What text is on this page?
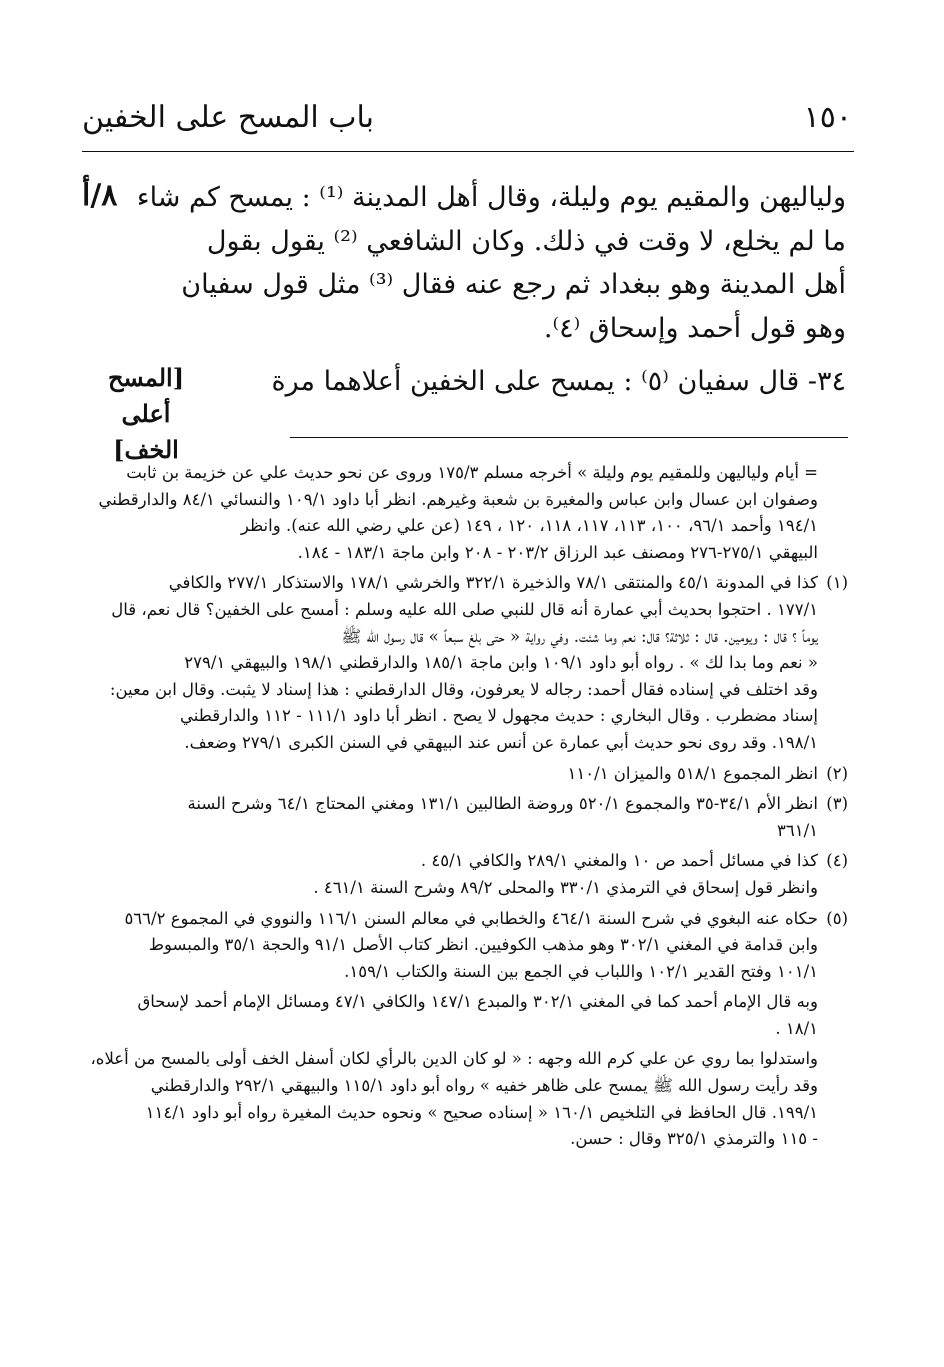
١٥٠
باب المسح على الخفين
٨/أ ولياليهن والمقيم يوم وليلة، وقال أهل المدينة ⁽¹⁾ : يمسح كم شاء
ما لم يخلع، لا وقت في ذلك. وكان الشافعي ⁽²⁾ يقول بقول
أهل المدينة وهو ببغداد ثم رجع عنه فقال ⁽³⁾ مثل قول سفيان
وهو قول أحمد وإسحاق ⁽٤⁾.
٣٤- قال سفيان ⁽٥⁾ : يمسح على الخفين أعلاهما مرة
[المسح أعلى
الخف]
= أيام ولياليهن وللمقيم يوم وليلة » أخرجه مسلم ١٧٥/٣ وروى عن نحو حديث علي عن خزيمة بن ثابت
وصفوان ابن عسال وابن عباس والمغيرة بن شعبة وغيرهم. انظر أبا داود ١٠٩/١ والنسائي ٨٤/١ والدارقطني
١٩٤/١ وأحمد ٩٦/١، ١٠٠، ١١٣، ١١٧، ١١٨، ١٢٠ ، ١٤٩ (عن علي رضي الله عنه). وانظر
البيهقي ٢٧٥/١-٢٧٦ ومصنف عبد الرزاق ٢٠٣/٢ - ٢٠٨ وابن ماجة ١٨٣/١ - ١٨٤.
(١)
كذا في المدونة ٤٥/١ والمنتقى ٧٨/١ والذخيرة ٣٢٢/١ والخرشي ١٧٨/١ والاستذكار ٢٧٧/١ والكافي
١٧٧/١ . احتجوا بحديث أبي عمارة أنه قال للنبي صلى الله عليه وسلم : أمسح على الخفين؟ قال نعم، قال
يوماً ؟ قال : ويومين. قال : ثلاثة؟ قال: نعم وما شئت. وفي رواية « حتى بلغ سبعاً » قال رسول الله ﷺ
« نعم وما بدا لك » . رواه أبو داود ١٠٩/١ وابن ماجة ١٨٥/١ والدارقطني ١٩٨/١ والبيهقي ٢٧٩/١
وقد اختلف في إسناده فقال أحمد: رجاله لا يعرفون، وقال الدارقطني : هذا إسناد لا يثبت. وقال ابن معين:
إسناد مضطرب . وقال البخاري : حديث مجهول لا يصح . انظر أبا داود ١١١/١ - ١١٢ والدارقطني
١٩٨/١. وقد روى نحو حديث أبي عمارة عن أنس عند البيهقي في السنن الكبرى ٢٧٩/١ وضعف.
(٢)
انظر المجموع ٥١٨/١ والميزان ١١٠/١
(٣)
انظر الأم ٣٤/١-٣٥ والمجموع ٥٢٠/١ وروضة الطالبين ١٣١/١ ومغني المحتاج ٦٤/١ وشرح السنة
٣٦١/١
(٤)
كذا في مسائل أحمد ص ١٠ والمغني ٢٨٩/١ والكافي ٤٥/١ .
وانظر قول إسحاق في الترمذي ٣٣٠/١ والمحلى ٨٩/٢ وشرح السنة ٤٦١/١ .
(٥)
حكاه عنه البغوي في شرح السنة ٤٦٤/١ والخطابي في معالم السنن ١١٦/١ والنووي في المجموع ٥٦٦/٢
وابن قدامة في المغني ٣٠٢/١ وهو مذهب الكوفيين. انظر كتاب الأصل ٩١/١ والحجة ٣٥/١ والمبسوط
١٠١/١ وفتح القدير ١٠٢/١ واللباب في الجمع بين السنة والكتاب ١٥٩/١.
وبه قال الإمام أحمد كما في المغني ٣٠٢/١ والمبدع ١٤٧/١ والكافي ٤٧/١ ومسائل الإمام أحمد لإسحاق
١٨/١ .
واستدلوا بما روي عن علي كرم الله وجهه : « لو كان الدين بالرأي لكان أسفل الخف أولى بالمسح من أعلاه،
وقد رأيت رسول الله ﷺ يمسح على ظاهر خفيه » رواه أبو داود ١١٥/١ والبيهقي ٢٩٢/١ والدارقطني
١٩٩/١. قال الحافظ في التلخيص ١٦٠/١ « إسناده صحيح » ونحوه حديث المغيرة رواه أبو داود ١١٤/١
- ١١٥ والترمذي ٣٢٥/١ وقال : حسن.
